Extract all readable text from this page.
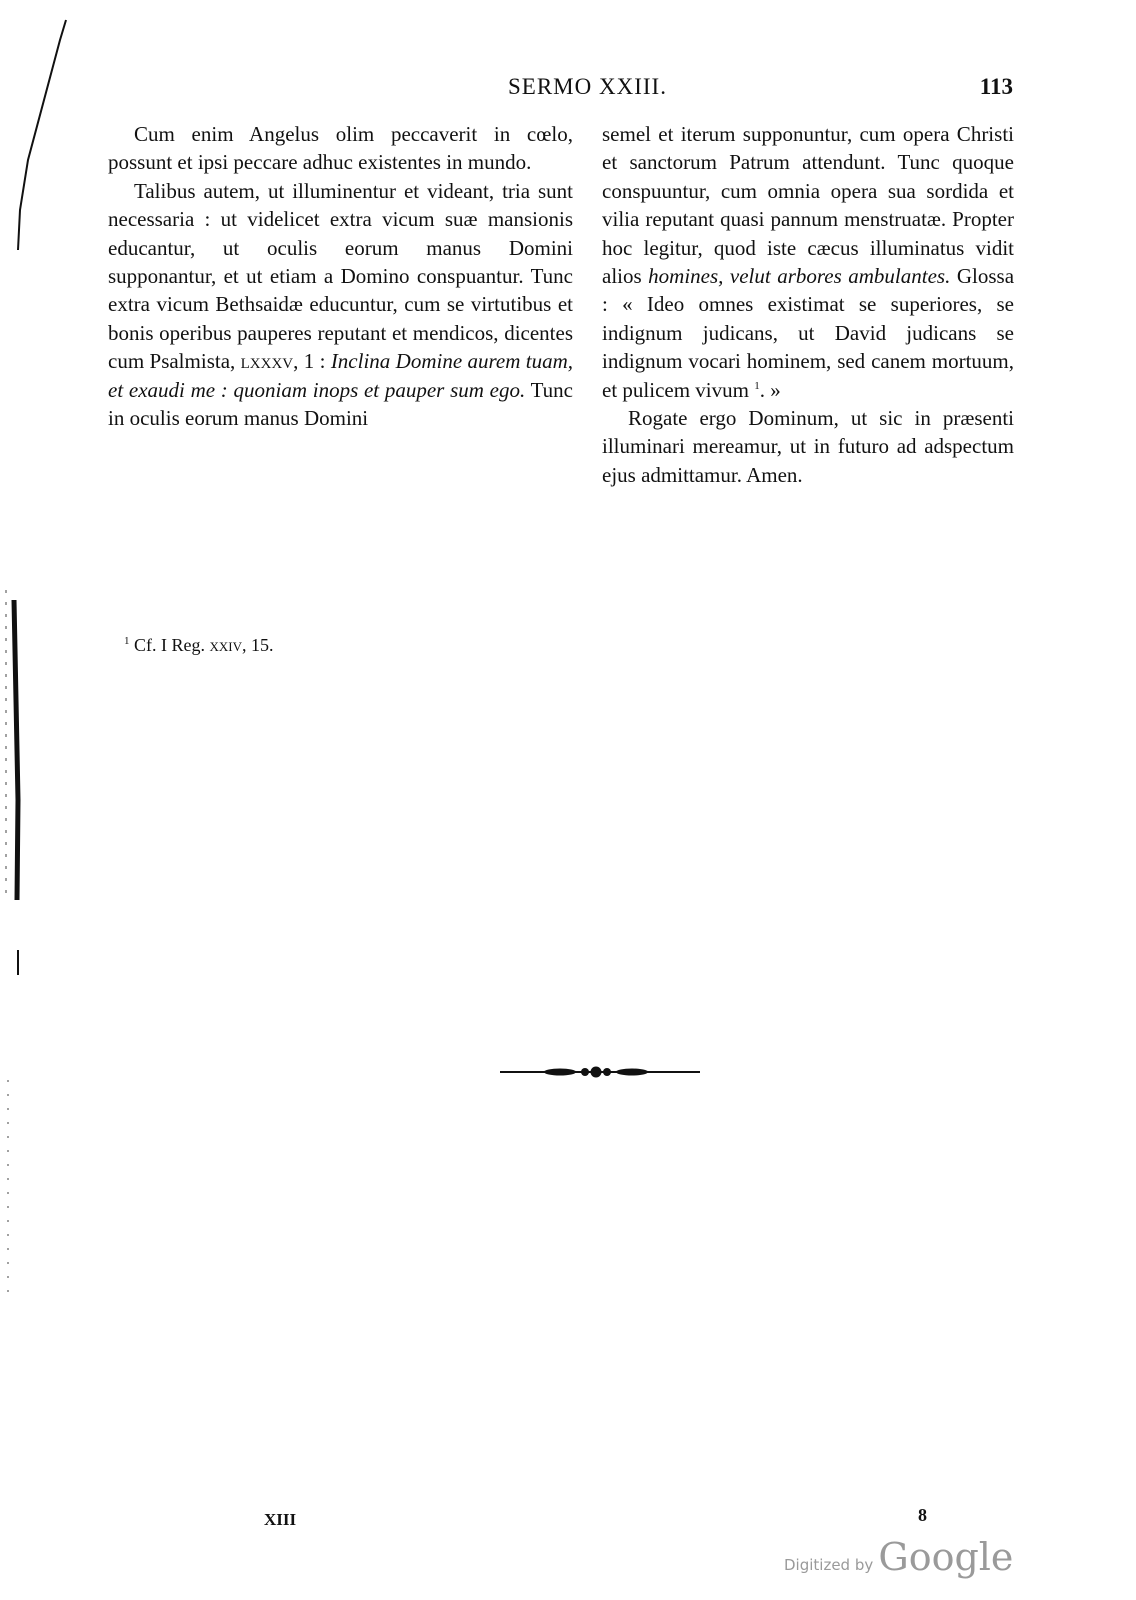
SERMO XXIII.	113

Cum enim Angelus olim peccaverit in cœlo, possunt et ipsi peccare adhuc existentes in mundo.

Talibus autem, ut illuminentur et videant, tria sunt necessaria : ut videlicet extra vicum suæ mansionis educantur, ut oculis eorum manus Domini supponantur, et ut etiam a Domino conspuantur. Tunc extra vicum Bethsaidæ educuntur, cum se virtutibus et bonis operibus pauperes reputant et mendicos, dicentes cum Psalmista, lxxxv, 1 : Inclina Domine aurem tuam, et exaudi me : quoniam inops et pauper sum ego. Tunc in oculis eorum manus Domini

semel et iterum supponuntur, cum opera Christi et sanctorum Patrum attendunt. Tunc quoque conspuuntur, cum omnia opera sua sordida et vilia reputant quasi pannum menstruatæ. Propter hoc legitur, quod iste cæcus illuminatus vidit alios homines, velut arbores ambulantes. Glossa : « Ideo omnes existimat se superiores, se indignum judicans, ut David judicans se indignum vocari hominem, sed canem mortuum, et pulicem vivum $^1$. »

Rogate ergo Dominum, ut sic in præsenti illuminari mereamur, ut in futuro ad adspectum ejus admittamur. Amen.

$^1$ Cf. I Reg. xxiv, 15.
XIII	8
Digitized by Google
